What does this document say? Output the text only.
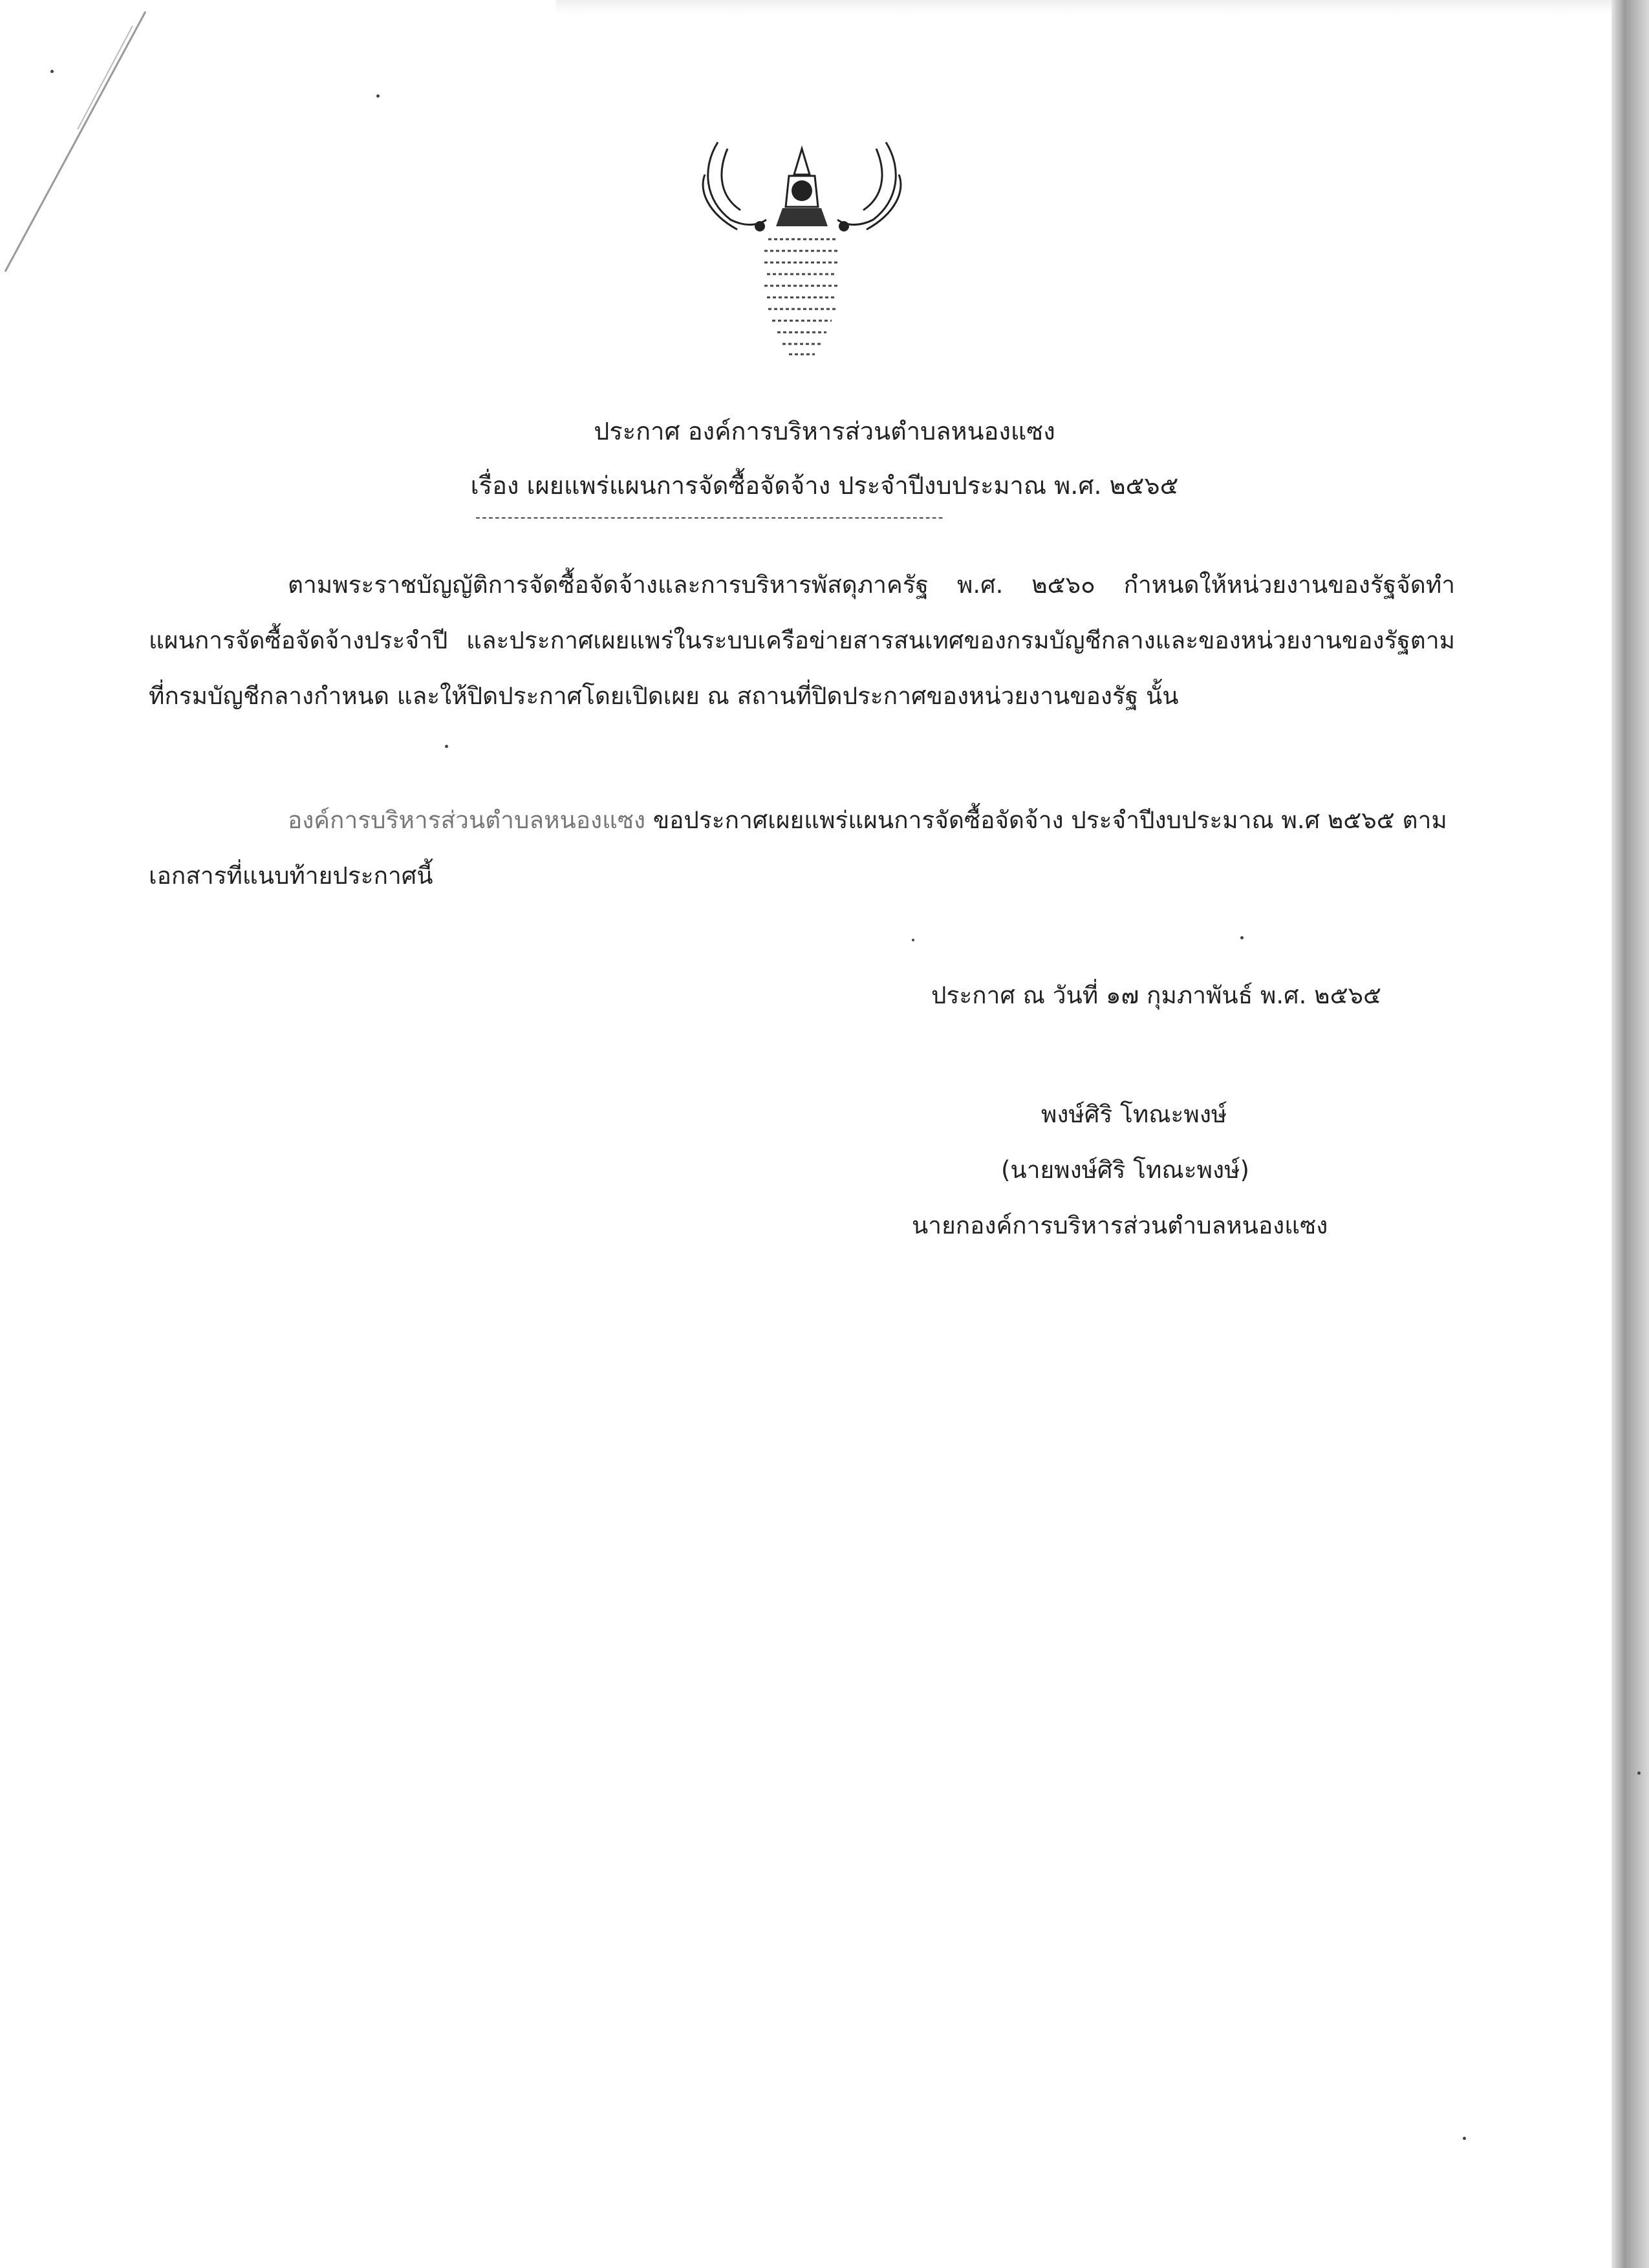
ประกาศ องค์การบริหารส่วนตำบลหนองแซง
เรื่อง เผยแพร่แผนการจัดซื้อจัดจ้าง ประจำปีงบประมาณ พ.ศ. ๒๕๖๕
-------------------------------------------------------------------------
ตามพระราชบัญญัติการจัดซื้อจัดจ้างและการบริหารพัสดุภาครัฐ พ.ศ. ๒๕๖๐ กำหนดให้หน่วยงานของรัฐจัดทำแผนการจัดซื้อจัดจ้างประจำปี และประกาศเผยแพร่ในระบบเครือข่ายสารสนเทศของกรมบัญชีกลางและของหน่วยงานของรัฐตามที่กรมบัญชีกลางกำหนด และให้ปิดประกาศโดยเปิดเผย ณ สถานที่ปิดประกาศของหน่วยงานของรัฐ นั้น
องค์การบริหารส่วนตำบลหนองแซง ขอประกาศเผยแพร่แผนการจัดซื้อจัดจ้าง ประจำปีงบประมาณ พ.ศ ๒๕๖๕ ตามเอกสารที่แนบท้ายประกาศนี้
ประกาศ ณ วันที่ ๑๗ กุมภาพันธ์ พ.ศ. ๒๕๖๕
พงษ์ศิริ โทณะพงษ์
(นายพงษ์ศิริ โทณะพงษ์)
นายกองค์การบริหารส่วนตำบลหนองแซง
